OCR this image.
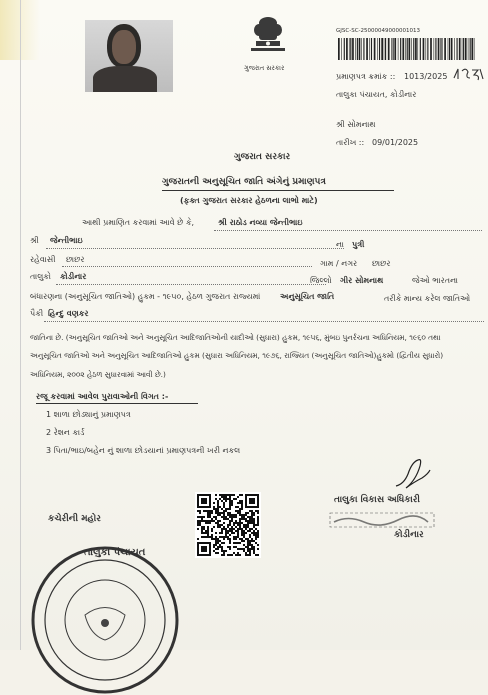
ગુજરાત સરકાર
GJSC-SC-25000049000001013
પ્રમાણપત્ર ક્રમાંક :: 1013/2025
તાલુકા પંચાયત, કોડીનાર
શ્રી સોમનાથ
તારીખ :: 09/01/2025
ગુજરાત સરકાર
ગુજરાતની અનુસૂચિત જાતિ અંગેનું પ્રમાણપત્ર
(ફક્ત ગુજરાત સરકાર હેઠળના લાભો માટે)
આથી પ્રમાણિત કરવામાં આવે છે કે,	શ્રી રાઠોડ નવ્યા જેન્તીભાઇ
શ્રી જેન્તીભાઇ	ના પુત્રી
રહેવાસી છાછર	ગામ / નગર છાછર
તાલુકો કોડીનાર	જિલ્લો ગીર સોમનાથ	જેઓ ભારતના
બંધારણના (અનુસૂચિત જાતિઓ) હુકમ - ૧૯૫૦, હેઠળ ગુજરાત રાજ્યમાં અનુસૂચિત જાતિ	તરીકે માન્ય કરેલ જાતિઓ
પૈકી હિન્દુ વણકર
જાતિના છે. (અનુસૂચિત જાતિઓ અને અનુસૂચિત આદિજાતિઓની યાદીઓ (સુધારા) હુકમ, ૧૯૫૬, મુંબઇ પુનર્રચના અધિનિયમ, ૧૯૬૦ તથા
અનુસૂચિત જાતિઓ અને અનુસૂચિત આદિજાતિઓ હુકમ (સુધારા અધિનિયમ, ૧૯૭૬, રાજ્યિત (અનુસૂચિત જાતિઓ)હુકમો (દ્વિતીય સુધારો)
અધિનિયમ, ૨૦૦૨ હેઠળ સુધારવામાં આવી છે.)
રજૂ કરવામાં આવેલ પુરાવાઓની વિગત :-
1 શાળા છોડ્યાનું પ્રમાણપત્ર
2 રેશન કાર્ડ
3 પિતા/ભાઇ/બહેન નું શાળા છોડયાનાં પ્રમાણપત્રની ખરી નકલ
તાલુકા વિકાસ અધિકારી
કોડીનાર
કચેરીની મહોર
તાલુકા પંચાયત
